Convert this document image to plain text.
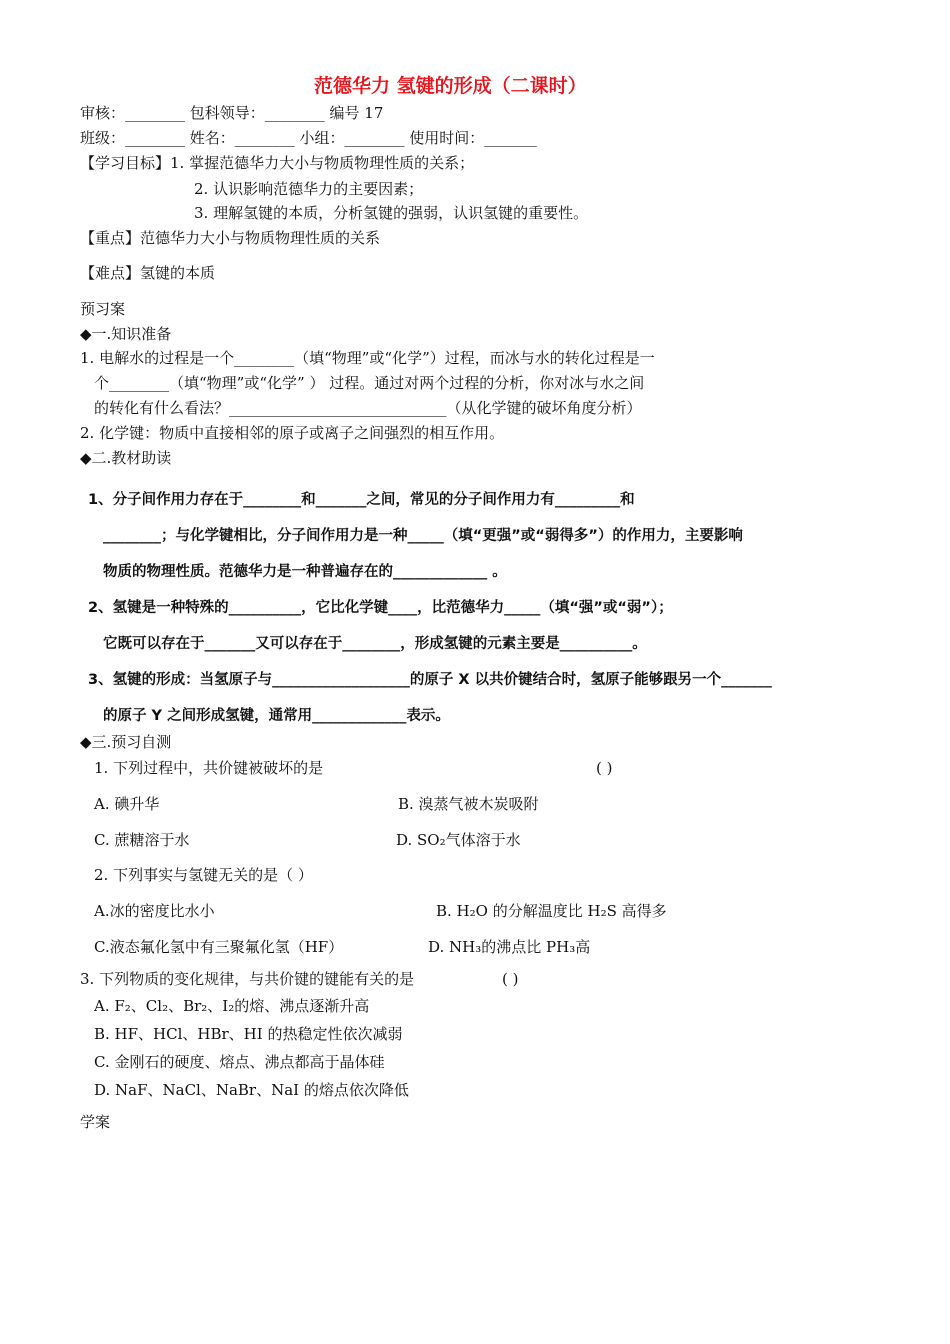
范德华力 氢键的形成（二课时）
审核：________ 包科领导：________ 编号 17
班级：________ 姓名：________ 小组：________ 使用时间：_______
【学习目标】1. 掌握范德华力大小与物质物理性质的关系；
2. 认识影响范德华力的主要因素；
3. 理解氢键的本质，分析氢键的强弱，认识氢键的重要性。
【重点】范德华力大小与物质物理性质的关系
【难点】氢键的本质
预习案
◆一.知识准备
1. 电解水的过程是一个________（填“物理”或“化学”）过程，而冰与水的转化过程是一
个________（填“物理”或“化学” ） 过程。通过对两个过程的分析，你对冰与水之间
的转化有什么看法？_____________________________（从化学键的破坏角度分析）
2. 化学键：物质中直接相邻的原子或离子之间强烈的相互作用。
◆二.教材助读
1、分子间作用力存在于________和_______之间，常见的分子间作用力有_________和
________；与化学键相比，分子间作用力是一种_____（填“更强”或“弱得多”）的作用力，主要影响
物质的物理性质。范德华力是一种普遍存在的_____________ 。
2、氢键是一种特殊的__________，它比化学键____，比范德华力_____（填“强”或“弱”）；
它既可以存在于_______又可以存在于________，形成氢键的元素主要是__________。
3、氢键的形成：当氢原子与___________________的原子 X 以共价键结合时，氢原子能够跟另一个_______
的原子 Y 之间形成氢键，通常用_____________表示。
◆三.预习自测
1. 下列过程中，共价键被破坏的是	( )
A. 碘升华	B. 溴蒸气被木炭吸附
C. 蔗糖溶于水	D. SO₂气体溶于水
2. 下列事实与氢键无关的是（ ）
A.冰的密度比水小	B. H₂O 的分解温度比 H₂S 高得多
C.液态氟化氢中有三聚氟化氢（HF）	D. NH₃的沸点比 PH₃高
3. 下列物质的变化规律，与共价键的键能有关的是	( )
A. F₂、Cl₂、Br₂、I₂的熔、沸点逐渐升高
B. HF、HCl、HBr、HI 的热稳定性依次减弱
C. 金刚石的硬度、熔点、沸点都高于晶体硅
D. NaF、NaCl、NaBr、NaI 的熔点依次降低
学案
